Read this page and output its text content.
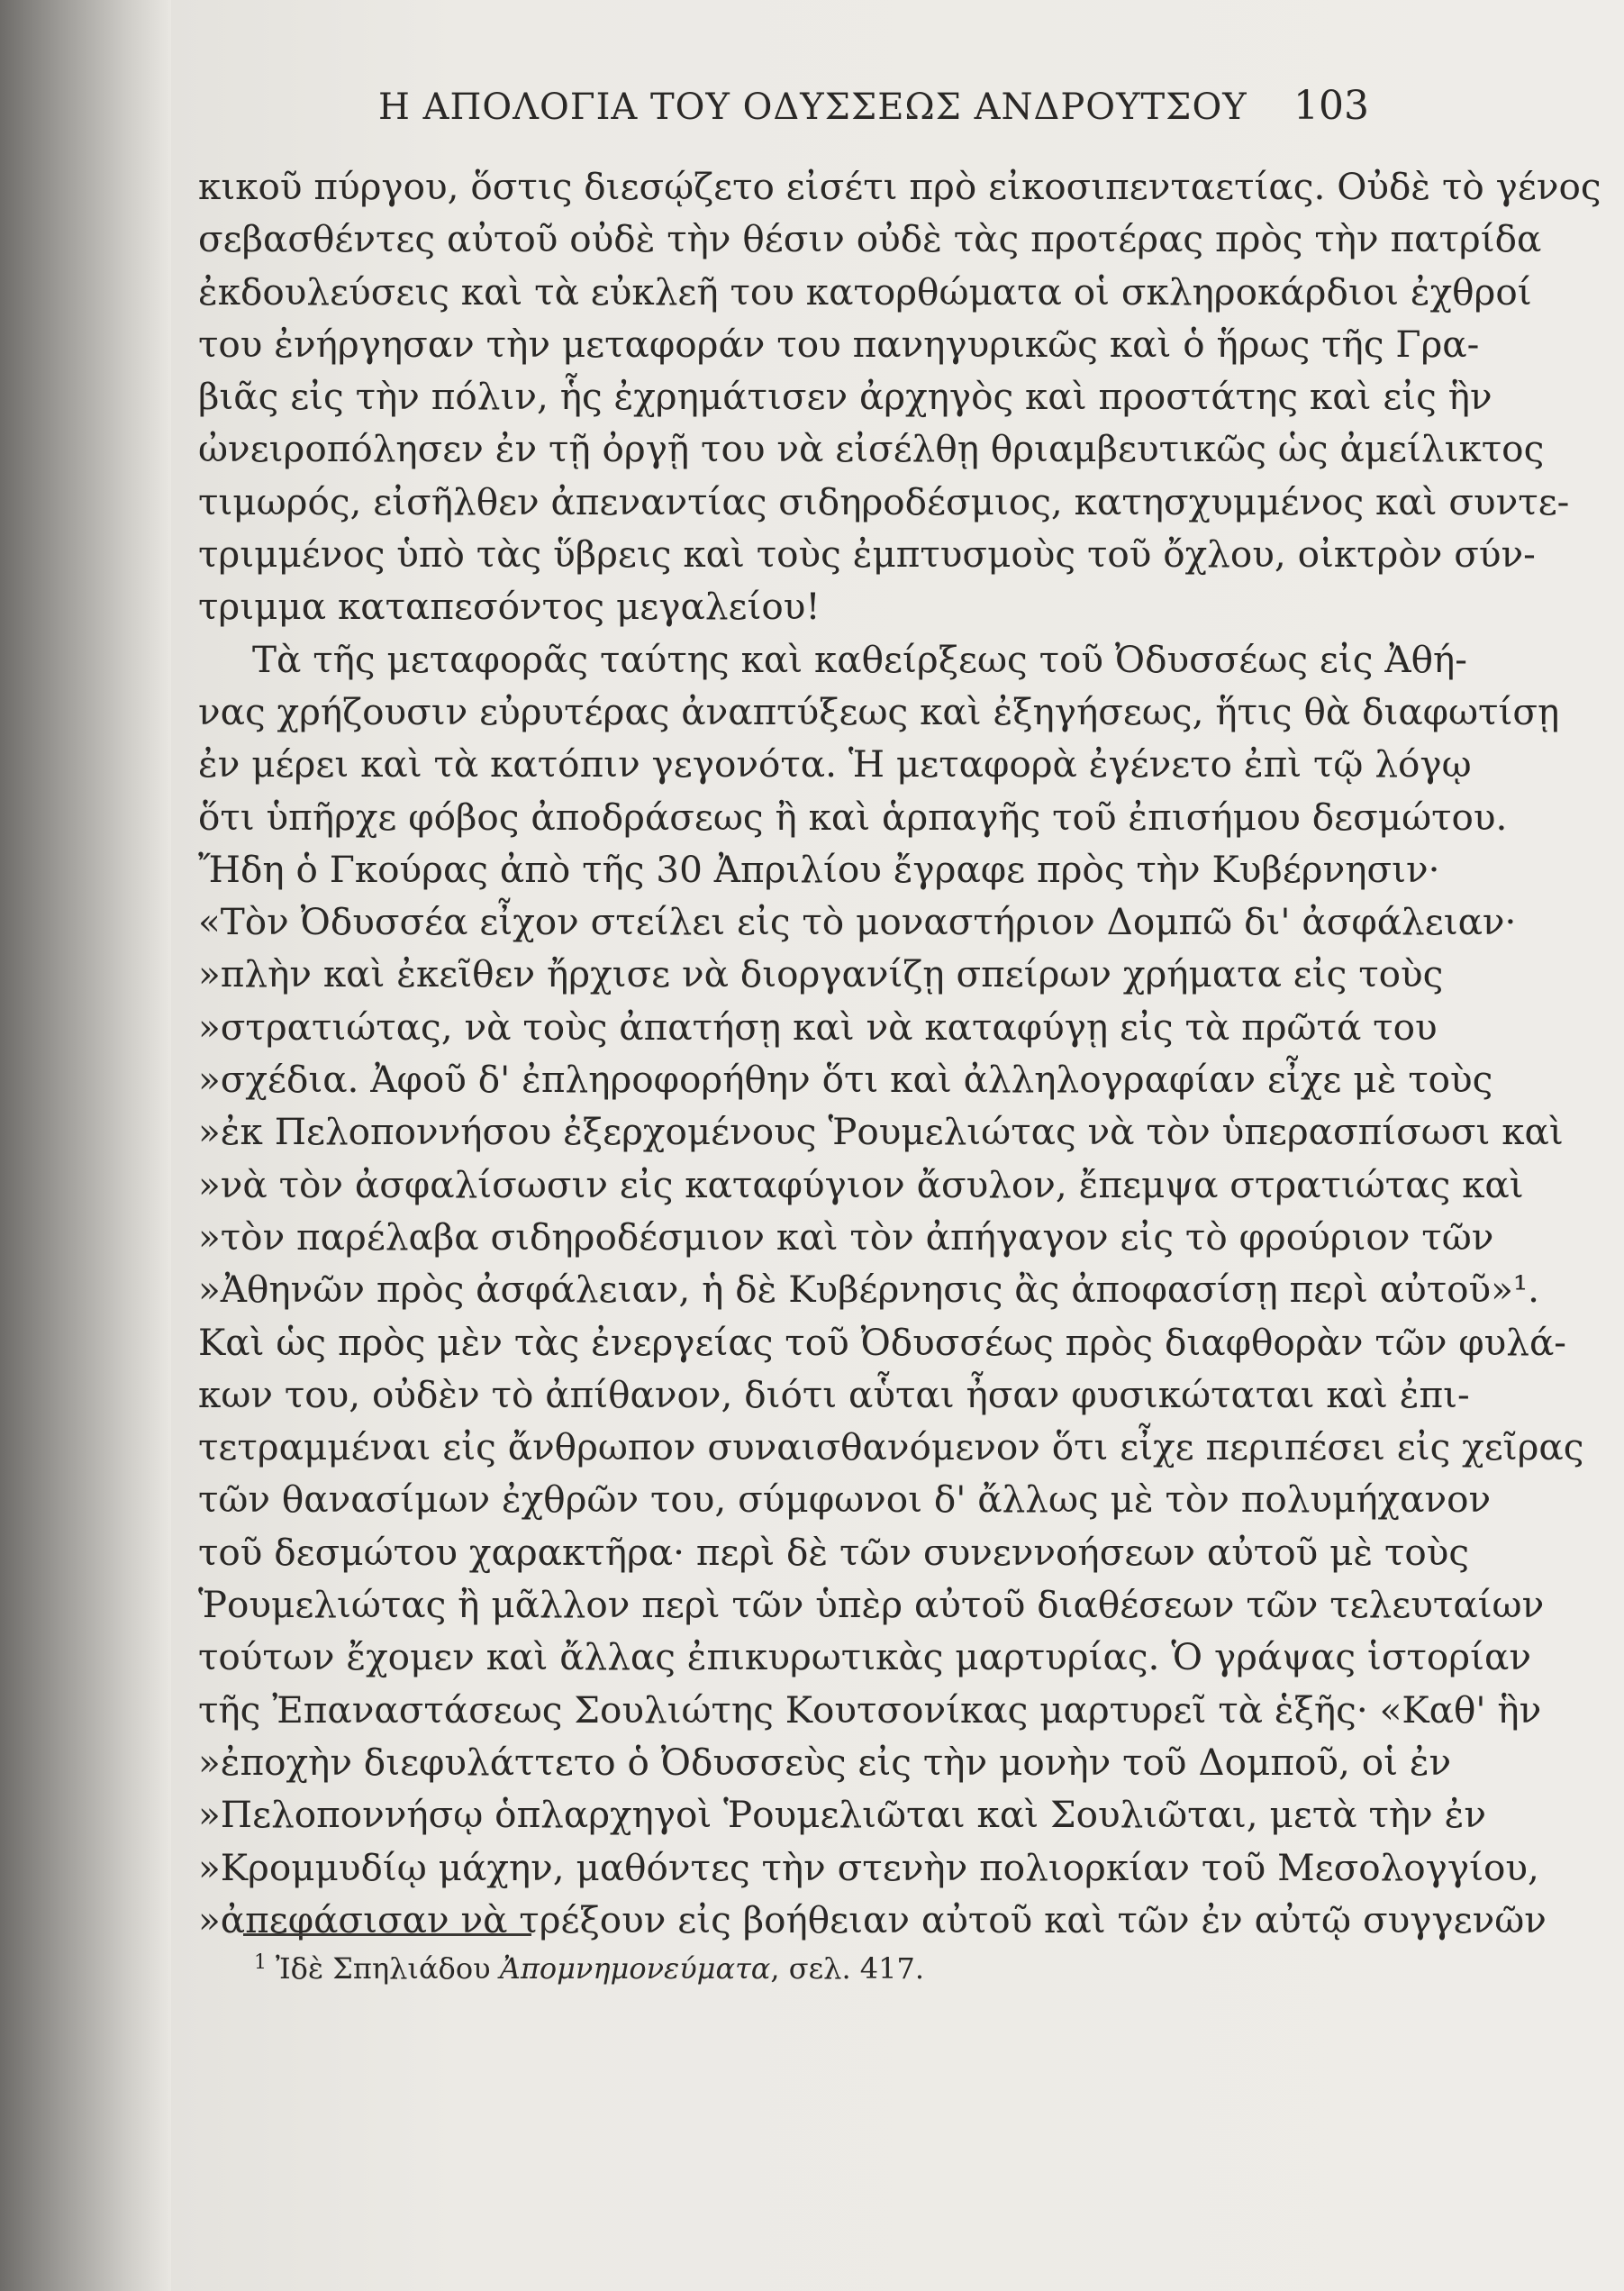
Η ΑΠΟΛΟΓΙΑ ΤΟΥ ΟΔΥΣΣΕΩΣ ΑΝΔΡΟΥΤΣΟΥ 103
κικοῦ πύργου, ὅστις διεσῴζετο εἰσέτι πρὸ εἰκοσιπενταετίας. Οὐδὲ τὸ γένος
σεβασθέντες αὐτοῦ οὐδὲ τὴν θέσιν οὐδὲ τὰς προτέρας πρὸς τὴν πατρίδα
ἐκδουλεύσεις καὶ τὰ εὐκλεῆ του κατορθώματα οἱ σκληροκάρδιοι ἐχθροί
του ἐνήργησαν τὴν μεταφοράν του πανηγυρικῶς καὶ ὁ ἥρως τῆς Γρα-
βιᾶς εἰς τὴν πόλιν, ἧς ἐχρημάτισεν ἀρχηγὸς καὶ προστάτης καὶ εἰς ἣν
ὠνειροπόλησεν ἐν τῇ ὀργῇ του νὰ εἰσέλθῃ θριαμβευτικῶς ὡς ἀμείλικτος
τιμωρός, εἰσῆλθεν ἀπεναντίας σιδηροδέσμιος, κατησχυμμένος καὶ συντε-
τριμμένος ὑπὸ τὰς ὕβρεις καὶ τοὺς ἐμπτυσμοὺς τοῦ ὄχλου, οἰκτρὸν σύν-
τριμμα καταπεσόντος μεγαλείου!
Τὰ τῆς μεταφορᾶς ταύτης καὶ καθείρξεως τοῦ Ὀδυσσέως εἰς Ἀθή-
νας χρήζουσιν εὐρυτέρας ἀναπτύξεως καὶ ἐξηγήσεως, ἥτις θὰ διαφωτίσῃ
ἐν μέρει καὶ τὰ κατόπιν γεγονότα. Ἡ μεταφορὰ ἐγένετο ἐπὶ τῷ λόγῳ
ὅτι ὑπῆρχε φόβος ἀποδράσεως ἢ καὶ ἁρπαγῆς τοῦ ἐπισήμου δεσμώτου.
Ἤδη ὁ Γκούρας ἀπὸ τῆς 30 Ἀπριλίου ἔγραφε πρὸς τὴν Κυβέρνησιν·
«Τὸν Ὀδυσσέα εἶχον στείλει εἰς τὸ μοναστήριον Δομπῶ δι' ἀσφάλειαν·
»πλὴν καὶ ἐκεῖθεν ἤρχισε νὰ διοργανίζῃ σπείρων χρήματα εἰς τοὺς
»στρατιώτας, νὰ τοὺς ἀπατήσῃ καὶ νὰ καταφύγῃ εἰς τὰ πρῶτά του
»σχέδια. Ἀφοῦ δ' ἐπληροφορήθην ὅτι καὶ ἀλληλογραφίαν εἶχε μὲ τοὺς
»ἐκ Πελοποννήσου ἐξερχομένους Ῥουμελιώτας νὰ τὸν ὑπερασπίσωσι καὶ
»νὰ τὸν ἀσφαλίσωσιν εἰς καταφύγιον ἄσυλον, ἔπεμψα στρατιώτας καὶ
»τὸν παρέλαβα σιδηροδέσμιον καὶ τὸν ἀπήγαγον εἰς τὸ φρούριον τῶν
»Ἀθηνῶν πρὸς ἀσφάλειαν, ἡ δὲ Κυβέρνησις ἂς ἀποφασίσῃ περὶ αὐτοῦ»¹.
Καὶ ὡς πρὸς μὲν τὰς ἐνεργείας τοῦ Ὀδυσσέως πρὸς διαφθορὰν τῶν φυλά-
κων του, οὐδὲν τὸ ἀπίθανον, διότι αὗται ἦσαν φυσικώταται καὶ ἐπι-
τετραμμέναι εἰς ἄνθρωπον συναισθανόμενον ὅτι εἶχε περιπέσει εἰς χεῖρας
τῶν θανασίμων ἐχθρῶν του, σύμφωνοι δ' ἄλλως μὲ τὸν πολυμήχανον
τοῦ δεσμώτου χαρακτῆρα· περὶ δὲ τῶν συνεννοήσεων αὐτοῦ μὲ τοὺς
Ῥουμελιώτας ἢ μᾶλλον περὶ τῶν ὑπὲρ αὐτοῦ διαθέσεων τῶν τελευταίων
τούτων ἔχομεν καὶ ἄλλας ἐπικυρωτικὰς μαρτυρίας. Ὁ γράψας ἱστορίαν
τῆς Ἐπαναστάσεως Σουλιώτης Κουτσονίκας μαρτυρεῖ τὰ ἑξῆς· «Καθ' ἣν
»ἐποχὴν διεφυλάττετο ὁ Ὀδυσσεὺς εἰς τὴν μονὴν τοῦ Δομποῦ, οἱ ἐν
»Πελοποννήσῳ ὁπλαρχηγοὶ Ῥουμελιῶται καὶ Σουλιῶται, μετὰ τὴν ἐν
»Κρομμυδίῳ μάχην, μαθόντες τὴν στενὴν πολιορκίαν τοῦ Μεσολογγίου,
»ἀπεφάσισαν νὰ τρέξουν εἰς βοήθειαν αὐτοῦ καὶ τῶν ἐν αὐτῷ συγγενῶν
$^1$ Ἰδὲ Σπηλιάδου Ἀπομνημονεύματα, σελ. 417.
